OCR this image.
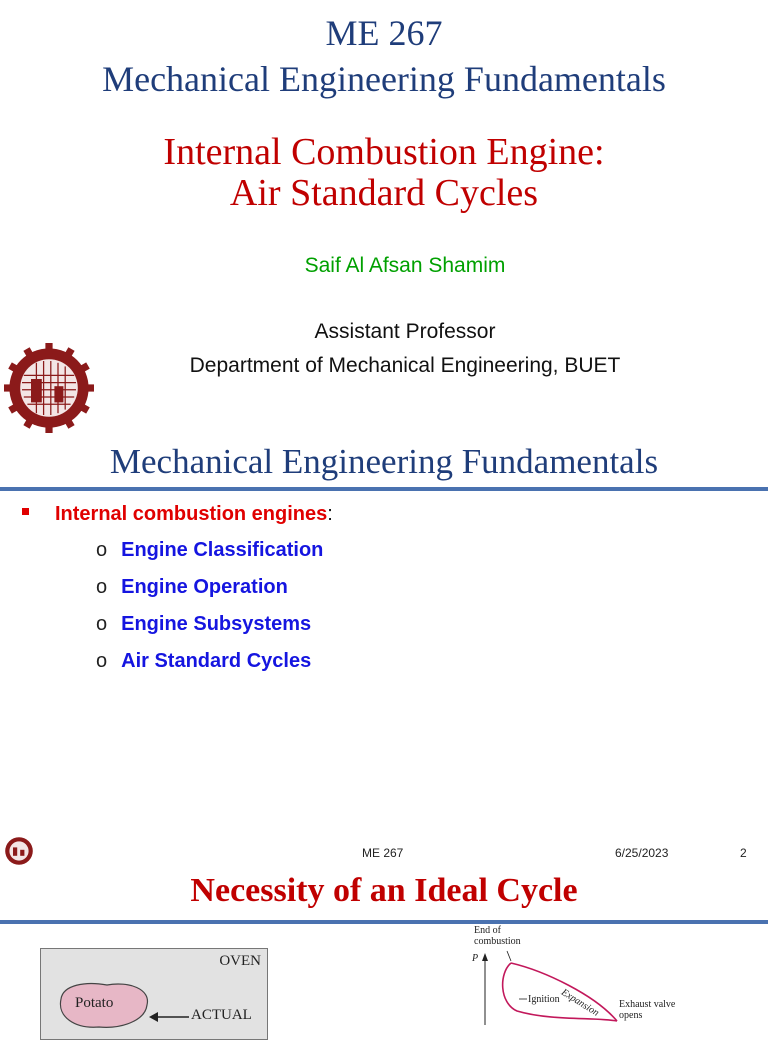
ME 267
Mechanical Engineering Fundamentals
Internal Combustion Engine:
Air Standard Cycles
Saif Al Afsan Shamim
Assistant Professor
Department of Mechanical Engineering, BUET
Mechanical Engineering Fundamentals
Internal combustion engines:
o Engine Classification
o Engine Operation
o Engine Subsystems
o Air Standard Cycles
ME 267	6/25/2023	2
Necessity of an Ideal Cycle
OVEN
Potato
ACTUAL
End of
combustion
P
Ignition Expansion Exhaust valve
opens
